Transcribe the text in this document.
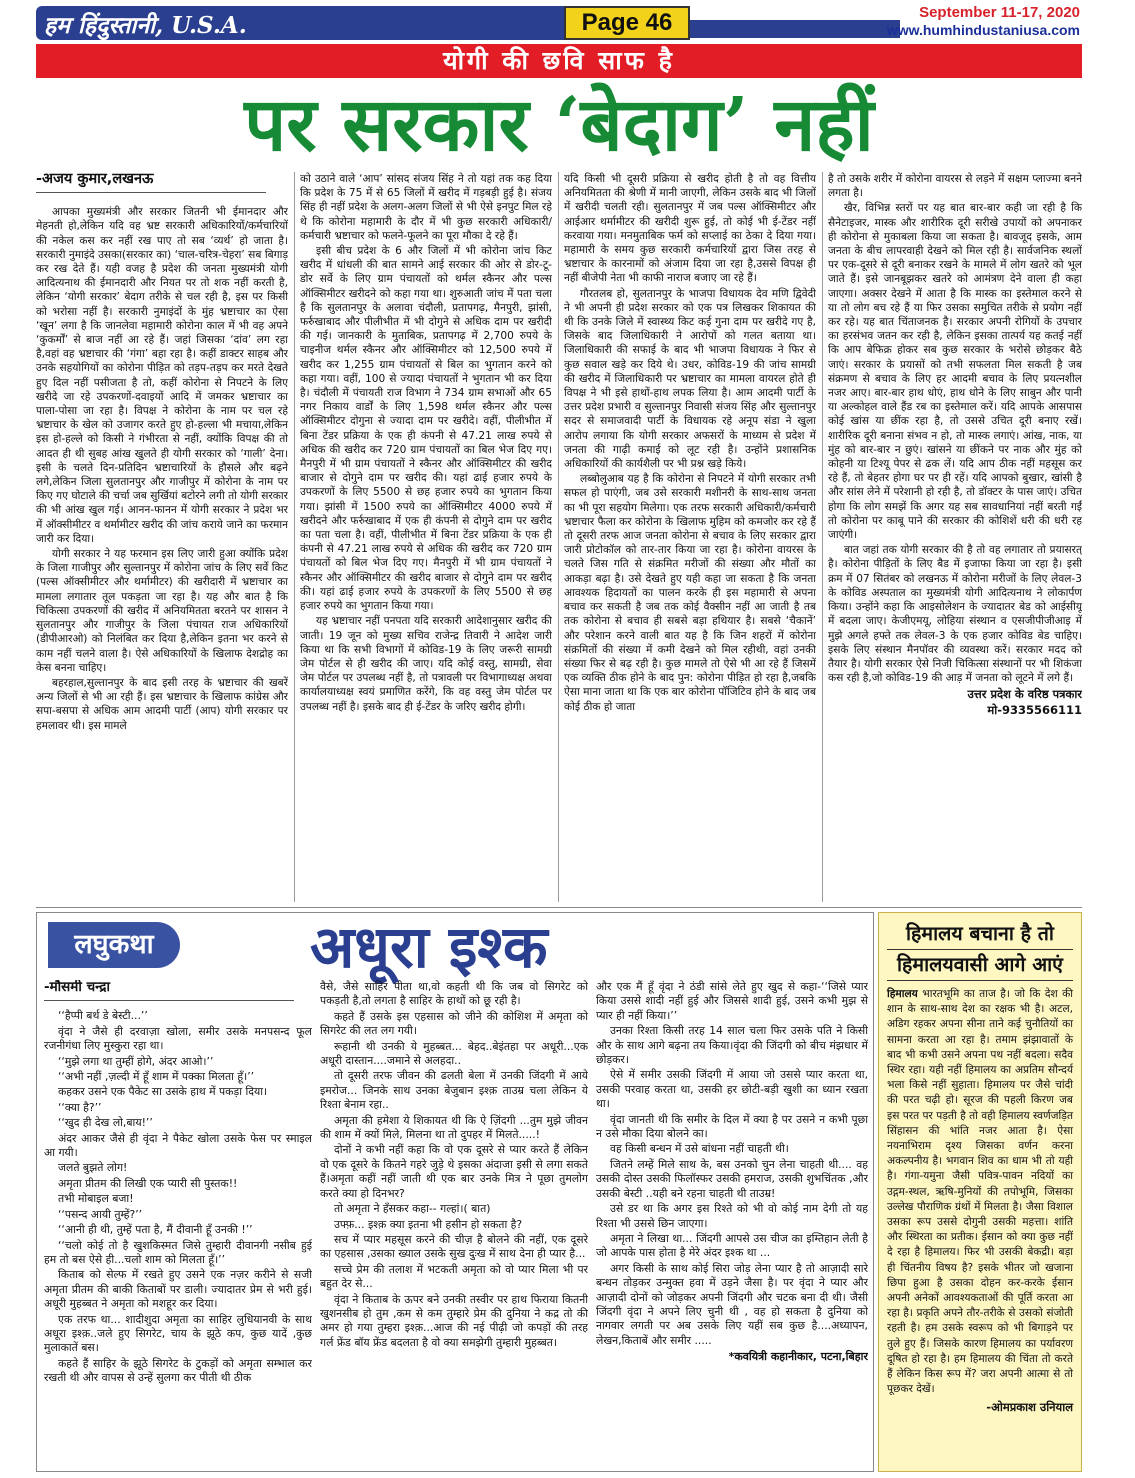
हम हिंदुस्तानी, U.S.A.	Page 46	September 11-17, 2020
www.humhindustaniusa.com
योगी की छवि साफ है
पर सरकार ‘बेदाग’ नहीं
-अजय कुमार,लखनऊ

आपका मुख्यमंत्री और सरकार जितनी भी ईमानदार और मेहनती हो,लेकिन यदि वह भ्रष्ट सरकारी अधिकारियों/कर्मचारियों की नकेल कस कर नहीं रख पाए तो सब ‘व्यर्थ’ हो जाता है। सरकारी नुमाइंदे उसका(सरकार का) ‘चाल-चरित्र-चेहरा’ सब बिगाड़ कर रख देते हैं। यही वजह है प्रदेश की जनता मुख्यमंत्री योगी आदित्यनाथ की ईमानदारी और नियत पर तो शक नहीं करती है, लेकिन ‘योगी सरकार’ बेदाग तरीके से चल रही है, इस पर किसी को भरोसा नहीं है। सरकारी नुमाइंदों के मुंह भ्रष्टाचार का ऐसा ‘खून’ लगा है कि जानलेवा महामारी कोरोना काल में भी वह अपने ‘कुकर्मों’ से बाज नहीं आ रहे हैं। जहां जिसका ‘दांव’ लग रहा है,वहां वह भ्रष्टाचार की ‘गंगा’ बहा रहा है। कहीं डाक्टर साहब और उनके सहयोगियों का कोरोना पीड़ित को तड़प-तड़प कर मरते देखते हुए दिल नहीं पसीजता है तो, कहीं कोरोना से निपटने के लिए खरीदे जा रहे उपकरणों-दवाइयों आदि में जमकर भ्रष्टाचार का पाला-पोसा जा रहा है। विपक्ष ने कोरोना के नाम पर चल रहे भ्रष्टाचार के खेल को उजागर करते हुए हो-हल्ला भी मचाया,लेकिन इस हो-हल्ले को किसी ने गंभीरता से नहीं, क्योंकि विपक्ष की तो आदत ही थी सुबह आंख खुलते ही योगी सरकार को ‘गाली’ देना। इसी के चलते दिन-प्रतिदिन भ्रष्टाचारियों के हौसले और बढ़ने लगे,लेकिन जिला सुलतानपुर और गाजीपुर में कोरोना के नाम पर किए गए घोटाले की चर्चा जब सुर्खियां बटोरने लगी तो योगी सरकार की भी आंख खुल गई। आनन-फानन में योगी सरकार ने प्रदेश भर में ऑक्सीमीटर व थर्मामीटर खरीद की जांच कराये जाने का फरमान जारी कर दिया।

योगी सरकार ने यह फरमान इस लिए जारी हुआ क्योंकि प्रदेश के जिला गाजीपुर और सुल्तानपुर में कोरोना जांच के लिए सर्वे किट (पल्स ऑक्सीमीटर और थर्मामीटर) की खरीदारी में भ्रष्टाचार का मामला लगातार तूल पकड़ता जा रहा है। यह और बात है कि चिकित्सा उपकरणों की खरीद में अनियमितता बरतने पर शासन ने सुलतानपुर और गाजीपुर के जिला पंचायत राज अधिकारियों (डीपीआरओ) को निलंबित कर दिया है,लेकिन इतना भर करने से काम नहीं चलने वाला है। ऐसे अधिकारियों के खिलाफ देशद्रोह का केस बनना चाहिए।

बहरहाल,सुल्तानपुर के बाद इसी तरह के भ्रष्टाचार की खबरें अन्य जिलों से भी आ रही हैं। इस भ्रष्टाचार के खिलाफ कांग्रेस और सपा-बसपा से अधिक आम आदमी पार्टी (आप) योगी सरकार पर हमलावर थी। इस मामले

को उठाने वाले ‘आप’ सांसद संजय सिंह ने तो यहां तक कह दिया कि प्रदेश के 75 में से 65 जिलों में खरीद में गड़बड़ी हुई है। संजय सिंह ही नहीं प्रदेश के अलग-अलग जिलों से भी ऐसे इनपुट मिल रहे थे कि कोरोना महामारी के दौर में भी कुछ सरकारी अधिकारी/कर्मचारी भ्रष्टाचार को फलने-फूलने का पूरा मौका दे रहे हैं।

इसी बीच प्रदेश के 6 और जिलों में भी कोरोना जांच किट खरीद में धांधली की बात सामने आई सरकार की ओर से डोर-टू-डोर सर्वे के लिए ग्राम पंचायतों को थर्मल स्कैनर और पल्स ऑक्सिमीटर खरीदने को कहा गया था। शुरुआती जांच में पता चला है कि सुलतानपुर के अलावा चंदौली, प्रतापगढ़, मैनपुरी, झांसी, फर्रुखाबाद और पीलीभीत में भी दोगुने से अधिक दाम पर खरीदी की गई। जानकारी के मुताबिक, प्रतापगढ़ में 2,700 रुपये के चाइनीज थर्मल स्कैनर और ऑक्सिमीटर को 12,500 रुपये में खरीद कर 1,255 ग्राम पंचायतों से बिल का भुगतान करने को कहा गया। वहीं, 100 से ज्यादा पंचायतों ने भुगतान भी कर दिया है। चंदौली में पंचायती राज विभाग ने 734 ग्राम सभाओं और 65 नगर निकाय वार्डों के लिए 1,598 थर्मल स्कैनर और पल्स ऑक्सिमीटर दोगुना से ज्यादा दाम पर खरीदे। वहीं, पीलीभीत में बिना टेंडर प्रक्रिया के एक ही कंपनी से 47.21 लाख रुपये से अधिक की खरीद कर 720 ग्राम पंचायतों का बिल भेज दिए गए। मैनपुरी में भी ग्राम पंचायतों ने स्कैनर और ऑक्सिमीटर की खरीद बाजार से दोगुने दाम पर खरीद की। यहां ढाई हजार रुपये के उपकरणों के लिए 5500 से छह हजार रुपये का भुगतान किया गया। झांसी में 1500 रुपये का ऑक्सिमीटर 4000 रुपये में खरीदने और फर्रुखाबाद में एक ही कंपनी से दोगुने दाम पर खरीद का पता चला है। वहीं, पीलीभीत में बिना टेंडर प्रक्रिया के एक ही कंपनी से 47.21 लाख रुपये से अधिक की खरीद कर 720 ग्राम पंचायतों को बिल भेज दिए गए। मैनपुरी में भी ग्राम पंचायतों ने स्कैनर और ऑक्सिमीटर की खरीद बाजार से दोगुने दाम पर खरीद की। यहां ढाई हजार रुपये के उपकरणों के लिए 5500 से छह हजार रुपये का भुगतान किया गया।

यह भ्रष्टाचार नहीं पनपता यदि सरकारी आदेशानुसार खरीद की जाती। 19 जून को मुख्य सचिव राजेन्द्र तिवारी ने आदेश जारी किया था कि सभी विभागों में कोविड-19 के लिए जरूरी सामग्री जेम पोर्टल से ही खरीद की जाए। यदि कोई वस्तु, सामग्री, सेवा जेम पोर्टल पर उपलब्ध नहीं है, तो पत्रावली पर विभागाध्यक्ष अथवा कार्यालयाध्यक्ष स्वयं प्रमाणित करेंगे, कि वह वस्तु जेम पोर्टल पर उपलब्ध नहीं है। इसके बाद ही ई-टेंडर के जरिए खरीद होगी।

यदि किसी भी दूसरी प्रक्रिया से खरीद होती है तो वह वित्तीय अनियमितता की श्रेणी में मानी जाएगी, लेकिन उसके बाद भी जिलों में खरीदी चलती रही। सुलतानपुर में जब पल्स ऑक्सिमीटर और आईआर थर्मामीटर की खरीदी शुरू हुई, तो कोई भी ई-टेंडर नहीं करवाया गया। मनमुताबिक फर्म को सप्लाई का ठेका दे दिया गया। महामारी के समय कुछ सरकारी कर्मचारियों द्वारा जिस तरह से भ्रष्टाचार के कारनामों को अंजाम दिया जा रहा है,उससे विपक्ष ही नहीं बीजेपी नेता भी काफी नाराज बजाए जा रहे हैं।

गौरतलब हो, सुलतानपुर के भाजपा विधायक देव मणि द्विवेदी ने भी अपनी ही प्रदेश सरकार को एक पत्र लिखकर शिकायत की थी कि उनके जिले में स्वास्थ्य किट कई गुना दाम पर खरीदे गए है, जिसके बाद जिलाधिकारी ने आरोपों को गलत बताया था। जिलाधिकारी की सफाई के बाद भी भाजपा विधायक ने फिर से कुछ सवाल खड़े कर दिये थे। उधर, कोविड-19 की जांच सामग्री की खरीद में जिलाधिकारी पर भ्रष्टाचार का मामला वायरल होते ही विपक्ष ने भी इसे हाथों-हाथ लपक लिया है। आम आदमी पार्टी के उत्तर प्रदेश प्रभारी व सुल्तानपुर निवासी संजय सिंह और सुल्तानपुर सदर से समाजवादी पार्टी के विधायक रहे अनूप संडा ने खुला आरोप लगाया कि योगी सरकार अफसरों के माध्यम से प्रदेश में जनता की गाढ़ी कमाई को लूट रही है। उन्होंने प्रशासनिक अधिकारियों की कार्यशैली पर भी प्रश्न खड़े किये।

लब्बोलुआब यह है कि कोरोना से निपटने में योगी सरकार तभी सफल हो पाएंगी, जब उसे सरकारी मशीनरी के साथ-साथ जनता का भी पूरा सहयोग मिलेगा। एक तरफ सरकारी अधिकारी/कर्मचारी भ्रष्टाचार फैला कर कोरोना के खिलाफ मुहिम को कमजोर कर रहे हैं तो दूसरी तरफ आज जनता कोरोना से बचाव के लिए सरकार द्वारा जारी प्रोटोकॉल को तार-तार किया जा रहा है। कोरोना वायरस के चलते जिस गति से संक्रमित मरीजों की संख्या और मौतों का आकड़ा बढ़ा है। उसे देखते हुए यही कहा जा सकता है कि जनता आवश्यक हिदायतों का पालन करके ही इस महामारी से अपना बचाव कर सकती है जब तक कोई वैक्सीन नहीं आ जाती है तब तक कोरोना से बचाव ही सबसे बड़ा हथियार है। सबसे ‘चैकानें’ और परेशान करने वाली बात यह है कि जिन शहरों में कोरोना संक्रमितों की संख्या में कमी देखने को मिल रहीथी, वहां उनकी संख्या फिर से बढ़ रही है। कुछ मामले तो ऐसे भी आ रहे हैं जिसमें एक व्यक्ति ठीक होने के बाद पुन: कोरोना पीड़ित हो रहा है,जबकि ऐसा माना जाता था कि एक बार कोरोना पॉजिटिव होने के बाद जब कोई ठीक हो जाता

है तो उसके शरीर में कोरोना वायरस से लड़ने में सक्षम प्लाज्मा बनने लगता है।

खैर, विभिन्न स्तरों पर यह बात बार-बार कही जा रही है कि सैनेटाइजर, मास्क और शारीरिक दूरी सरीखे उपायों को अपनाकर ही कोरोना से मुकाबला किया जा सकता है। बावजूद इसके, आम जनता के बीच लापरवाही देखने को मिल रही है। सार्वजनिक स्थलों पर एक-दूसरे से दूरी बनाकर रखने के मामले में लोग खतरे को भूल जाते हैं। इसे जानबूझकर खतरे को आमंत्रण देने वाला ही कहा जाएगा। अक्सर देखने में आता है कि मास्क का इस्तेमाल करने से या तो लोग बच रहे हैं या फिर उसका समुचित तरीके से प्रयोग नहीं कर रहे। यह बात चिंताजनक है। सरकार अपनी रोगियों के उपचार का हरसंभव जतन कर रही है, लेकिन इसका तात्पर्य यह कतई नहीं कि आप बेफिक्र होकर सब कुछ सरकार के भरोसे छोड़कर बैठे जाएं। सरकार के प्रयासों को तभी सफलता मिल सकती है जब संक्रमण से बचाव के लिए हर आदमी बचाव के लिए प्रयत्नशील नजर आए। बार-बार हाथ धोएं, हाथ धोने के लिए साबुन और पानी या अल्कोहल वाले हैंड रब का इस्तेमाल करें। यदि आपके आसपास कोई खांस या छींक रहा है, तो उससे उचित दूरी बनाए रखें। शारीरिक दूरी बनाना संभव न हो, तो मास्क लगाएं। आंख, नाक, या मुंह को बार-बार न छुएं। खांसने या छींकने पर नाक और मुंह को कोहनी या टिश्यू पेपर से ढक लें। यदि आप ठीक नहीं महसूस कर रहे हैं, तो बेहतर होगा घर पर ही रहें। यदि आपको बुखार, खांसी है और सांस लेने में परेशानी हो रही है, तो डॉक्टर के पास जाएं। उचित होगा कि लोग समझें कि अगर यह सब सावधानियां नहीं बरती गईं तो कोरोना पर काबू पाने की सरकार की कोशिशें धरी की धरी रह जाएंगी।

बात जहां तक योगी सरकार की है तो वह लगातार तो प्रयासरत् है। कोरोना पीड़ितों के लिए बैड में इजाफा किया जा रहा है। इसी क्रम में 07 सितंबर को लखनऊ में कोरोना मरीजों के लिए लेवल-3 के कोविड अस्पताल का मुख्यमंत्री योगी आदित्यनाथ ने लोकार्पण किया। उन्होंने कहा कि आइसोलेशन के ज्यादातर बेड को आईसीयू में बदला जाए। केजीएमयू, लोहिया संस्थान व एसजीपीजीआइ में मुझे अगले हफ्ते तक लेवल-3 के एक हजार कोविड बेड चाहिए। इसके लिए संस्थान मैनपॉवर की व्यवस्था करें। सरकार मदद को तैयार है। योगी सरकार ऐसे निजी चिकित्सा संस्थानों पर भी शिकंजा कस रही है,जो कोविड-19 की आड़ में जनता को लूटने में लगे हैं।

उत्तर प्रदेश के वरिष्ठ पत्रकार
मो-9335566111
लघुकथा	अधूरा इश्क
-मौसमी चन्द्रा

‘‘हैप्पी बर्थ डे बेस्टी...’’

वृंदा ने जैसे ही दरवाज़ा खोला, समीर उसके मनपसन्द फूल रजनीगंधा लिए मुस्कुरा रहा था।

‘‘मुझे लगा था तुम्हीं होगे, अंदर आओ।’’

‘‘अभी नहीं ,ज़ल्दी में हूँ शाम में पक्का मिलता हूँ।’’

कहकर उसने एक पैकेट सा उसके हाथ में पकड़ा दिया।

‘‘क्या है?’’

‘‘खुद ही देख लो,बाय!’’

अंदर आकर जैसे ही वृंदा ने पैकेट खोला उसके फेस पर स्माइल आ गयी।

जलते बुझते लोग!

अमृता प्रीतम की लिखी एक प्यारी सी पुस्तक!!

तभी मोबाइल बजा!

‘‘पसन्द आयी तुम्हें?’’

‘‘आनी ही थी, तुम्हें पता है, मैं दीवानी हूँ उनकी !’’

‘‘चलो कोई तो है खुशकिस्मत जिसे तुम्हारी दीवानगी नसीब हुई हम तो बस ऐसे ही...चलो शाम को मिलता हूँ।’’

किताब को सेल्फ में रखते हुए उसने एक नज़र करीने से सजी अमृता प्रीतम की बाकी किताबों पर डाली। ज्यादातर प्रेम से भरी हुई। अधूरी मुहब्बत ने अमृता को मशहूर कर दिया।

एक तरफ था... शादीशुदा अमृता का साहिर लुधियानवी के साथ अधूरा इश्क़..जले हुए सिगरेट, चाय के झूठे कप, कुछ यादें ,कुछ मुलाकातें बस।

कहते हैं साहिर के झूठे सिगरेट के टुकड़ों को अमृता सम्भाल कर रखती थी और वापस से उन्हें सुलगा कर पीती थी ठीक

वैसे, जैसे साहिर पीता था,वो कहती थी कि जब वो सिगरेट को पकड़ती है,तो लगता है साहिर के हाथों को छू रही है।

कहते हैं उसके इस एहसास को जीने की कोशिश में अमृता को सिगरेट की लत लग गयी।

रूहानी थी उनकी ये मुहब्बत... बेहद..बेइंतहा पर अधूरी...एक अधूरी दास्तान....जमाने से अलहदा..

तो दूसरी तरफ जीवन की ढलती बेला में उनकी जिंदगी में आये इमरोज... जिनके साथ उनका बेजुबान इश्क़ ताउम्र चला लेकिन ये रिश्ता बेनाम रहा..

अमृता की हमेशा ये शिकायत थी कि ऐ ज़िंदगी ...तुम मुझे जीवन की शाम में क्यों मिले, मिलना था तो दुपहर में मिलते.....!

दोनों ने कभी नहीं कहा कि वो एक दूसरे से प्यार करते हैं लेकिन वो एक दूसरे के कितने गहरे जुड़े थे इसका अंदाजा इसी से लगा सकते हैं।अमृता कहीं नहीं जाती थी एक बार उनके मित्र ने पूछा तुमलोग करते क्या हो दिनभर?

तो अमृता ने हँसकर कहा-- गल्हां।( बात)

उफ्फ़... इश्क़ क्या इतना भी हसीन हो सकता है?

सच में प्यार महसूस करने की चीज़ है बोलने की नहीं, एक दूसरे का एहसास ,उसका ख्याल उसके सुख दुःख में साथ देना ही प्यार है...

सच्चे प्रेम की तलाश में भटकती अमृता को वो प्यार मिला भी पर बहुत देर से...

वृंदा ने किताब के ऊपर बने उनकी तस्वीर पर हाथ फिराया कितनी खुशनसीब हो तुम ,कम से कम तुम्हारे प्रेम की दुनिया ने कद्र तो की अमर हो गया तुम्हरा इश्क़...आज की नई पीढ़ी जो कपड़ों की तरह गर्ल फ्रेंड बॉय फ्रेंड बदलता है वो क्या समझेगी तुम्हारी मुहब्बत।

और एक मैं हूँ वृंदा ने ठंडी सांसे लेते हुए खुद से कहा-‘‘जिसे प्यार किया उससे शादी नहीं हुई और जिससे शादी हुई, उसने कभी मुझ से प्यार ही नहीं किया।’’

उनका रिश्ता किसी तरह 14 साल चला फिर उसके पति ने किसी और के साथ आगे बढ़ना तय किया।वृंदा की जिंदगी को बीच मंझधार में छोड़कर।

ऐसे में समीर उसकी जिंदगी में आया जो उससे प्यार करता था, उसकी परवाह करता था, उसकी हर छोटी-बड़ी खुशी का ध्यान रखता था।

वृंदा जानती थी कि समीर के दिल में क्या है पर उसने न कभी पूछा न उसे मौका दिया बोलने का।

वह किसी बन्धन में उसे बांधना नहीं चाहती थी।

जितने लम्हें मिले साथ के, बस उनको चुन लेना चाहती थी.... वह उसकी दोस्त उसकी फिलॉस्फर उसकी हमराज, उसकी शुभचिंतक ,और उसकी बेस्टी ..यही बने रहना चाहती थी ताउम्र!

उसे डर था कि अगर इस रिश्ते को भी वो कोई नाम देगी तो यह रिश्ता भी उससे छिन जाएगा।

अमृता ने लिखा था... जिंदगी आपसे उस चीज का इम्तिहान लेती है जो आपके पास होता है मेरे अंदर इश्क था ...

अगर किसी के साथ कोई सिरा जोड़ लेना प्यार है तो आज़ादी सारे बन्धन तोड़कर उन्मुक्त हवा में उड़ने जैसा है। पर वृंदा ने प्यार और आज़ादी दोनों को जोड़कर अपनी जिंदगी और चटक बना दी थी। जैसी जिंदगी वृंदा ने अपने लिए चुनी थी , वह हो सकता है दुनिया को नागवार लगती पर अब उसके लिए यहीं सब कुछ है....अध्यापन, लेखन,किताबें और समीर .....

*कवयित्री कहानीकार, पटना,बिहार
हिमालय बचाना है तो
हिमालयवासी आगे आएं
हिमालय भारतभूमि का ताज है। जो कि देश की शान के साथ-साथ देश का रक्षक भी है। अटल, अडिग रहकर अपना सीना ताने कई चुनौतियों का सामना करता आ रहा है। तमाम झंझावातों के बाद भी कभी उसने अपना पथ नहीं बदला। सदैव स्थिर रहा। यही नहीं हिमालय का अप्रतिम सौन्दर्य भला किसे नहीं सुहाता। हिमालय पर जैसे चांदी की परत चढ़ी हो। सूरज की पहली किरण जब इस परत पर पड़ती है तो वही हिमालय स्वर्णजड़ित सिंहासन की भांति नजर आता है। ऐसा नयनाभिराम दृश्य जिसका वर्णन करना अकल्पनीय है। भगवान शिव का धाम भी तो यही है। गंगा-यमुना जैसी पवित्र-पावन नदियों का उद्गम-स्थल, ऋषि-मुनियों की तपोभूमि, जिसका उल्लेख पौराणिक ग्रंथों में मिलता है। जैसा विशाल उसका रूप उससे दोगुनी उसकी महत्ता। शांति और स्थिरता का प्रतीक। ईसान को क्या कुछ नहीं दे रहा है हिमालय। फिर भी उसकी बेकद्री। बड़ा ही चिंतनीय विषय है? इसके भीतर जो खजाना छिपा हुआ है उसका दोहन कर-करके ईसान अपनी अनेकों आवश्यकताओं की पूर्ति करता आ रहा है। प्रकृति अपने तौर-तरीके से उसको संजोती रहती है। हम उसके स्वरूप को भी बिगाड़ने पर तुले हुए हैं। जिसके कारण हिमालय का पर्यावरण दूषित हो रहा है। हम हिमालय की चिंता तो करते हैं लेकिन किस रूप में? जरा अपनी आत्मा से तो पूछकर देखें।
-ओमप्रकाश उनियाल
